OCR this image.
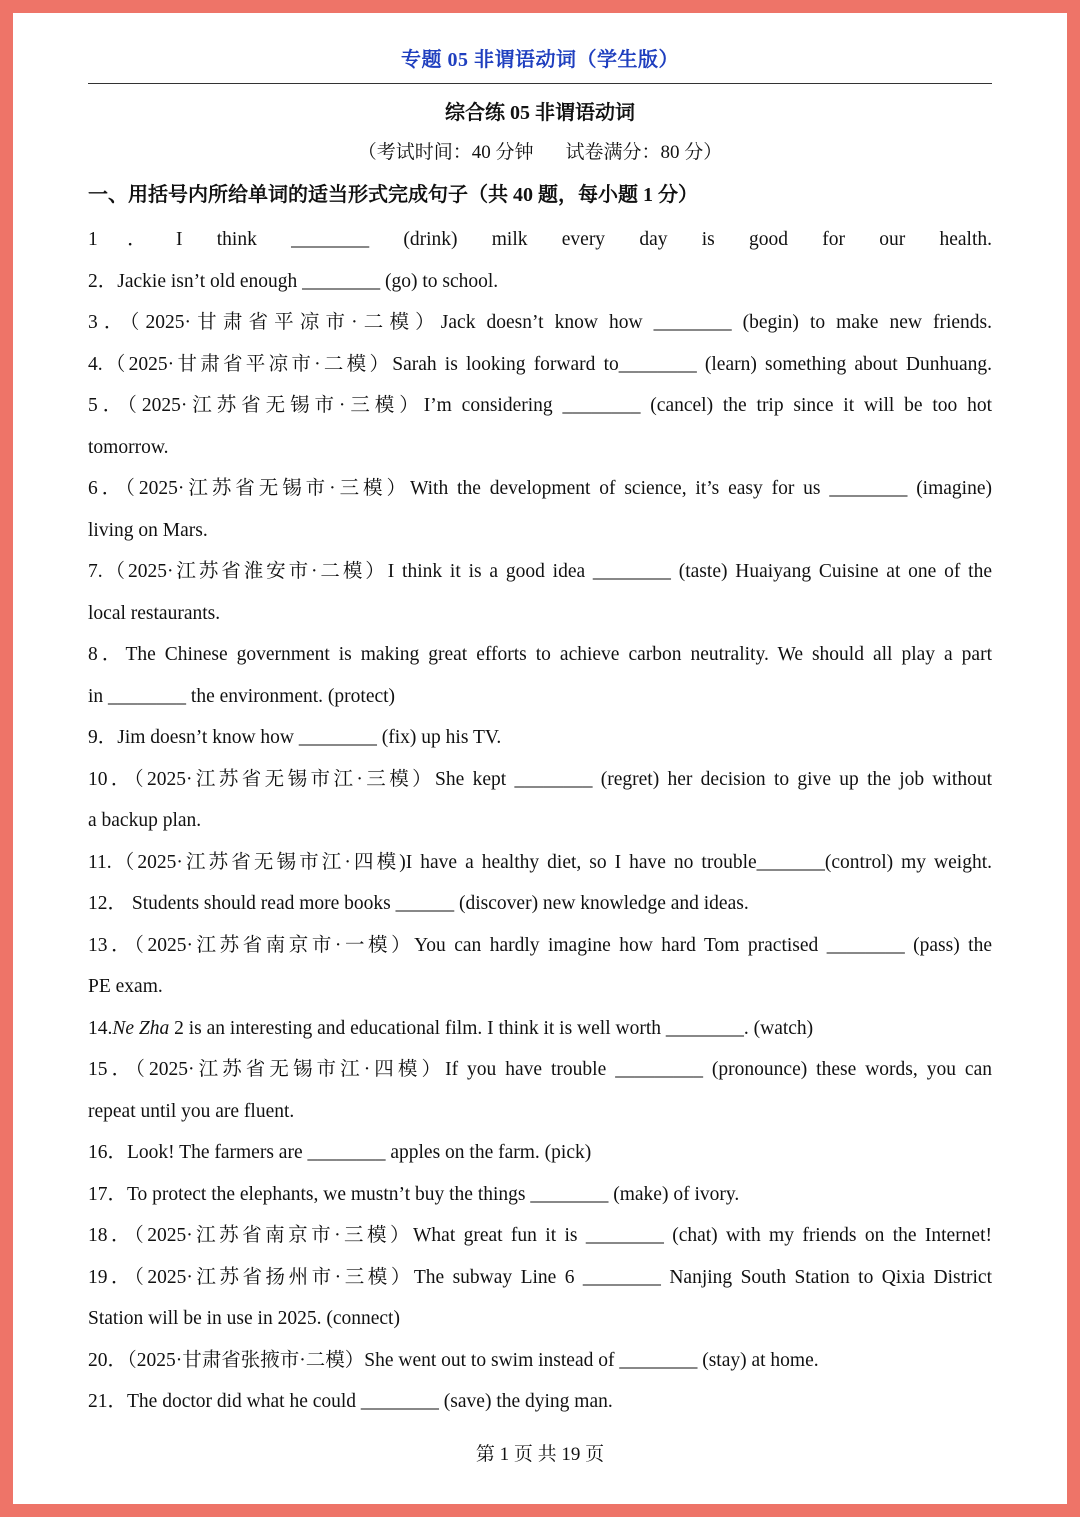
专题 05 非谓语动词（学生版）
综合练 05 非谓语动词
（考试时间：40 分钟 试卷满分：80 分）
一、用括号内所给单词的适当形式完成句子（共 40 题，每小题 1 分）
1．I think ________ (drink) milk every day is good for our health.
2．Jackie isn’t old enough ________ (go) to school.
3．（2025·甘肃省平凉市·二模）Jack doesn’t know how ________ (begin) to make new friends.
4.（2025·甘肃省平凉市·二模）Sarah is looking forward to________ (learn) something about Dunhuang.
5．（2025·江苏省无锡市·三模）I’m considering ________ (cancel) the trip since it will be too hot
tomorrow.
6．（2025·江苏省无锡市·三模）With the development of science, it’s easy for us ________ (imagine)
living on Mars.
7.（2025·江苏省淮安市·二模）I think it is a good idea ________ (taste) Huaiyang Cuisine at one of the
local restaurants.
8．The Chinese government is making great efforts to achieve carbon neutrality. We should all play a part
in ________ the environment. (protect)
9．Jim doesn’t know how ________ (fix) up his TV.
10．（2025·江苏省无锡市江·三模）She kept ________ (regret) her decision to give up the job without
a backup plan.
11.（2025·江苏省无锡市江·四模)I have a healthy diet, so I have no trouble_______(control) my weight.
12． Students should read more books ______ (discover) new knowledge and ideas.
13．（2025·江苏省南京市·一模）You can hardly imagine how hard Tom practised ________ (pass) the
PE exam.
14.Ne Zha 2 is an interesting and educational film. I think it is well worth ________. (watch)
15．（2025·江苏省无锡市江·四模）If you have trouble _________ (pronounce) these words, you can
repeat until you are fluent.
16．Look! The farmers are ________ apples on the farm. (pick)
17．To protect the elephants, we mustn’t buy the things ________ (make) of ivory.
18．（2025·江苏省南京市·三模）What great fun it is ________ (chat) with my friends on the Internet!
19．（2025·江苏省扬州市·三模）The subway Line 6 ________ Nanjing South Station to Qixia District
Station will be in use in 2025. (connect)
20．（2025·甘肃省张掖市·二模）She went out to swim instead of ________ (stay) at home.
21．The doctor did what he could ________ (save) the dying man.
第 1 页 共 19 页
